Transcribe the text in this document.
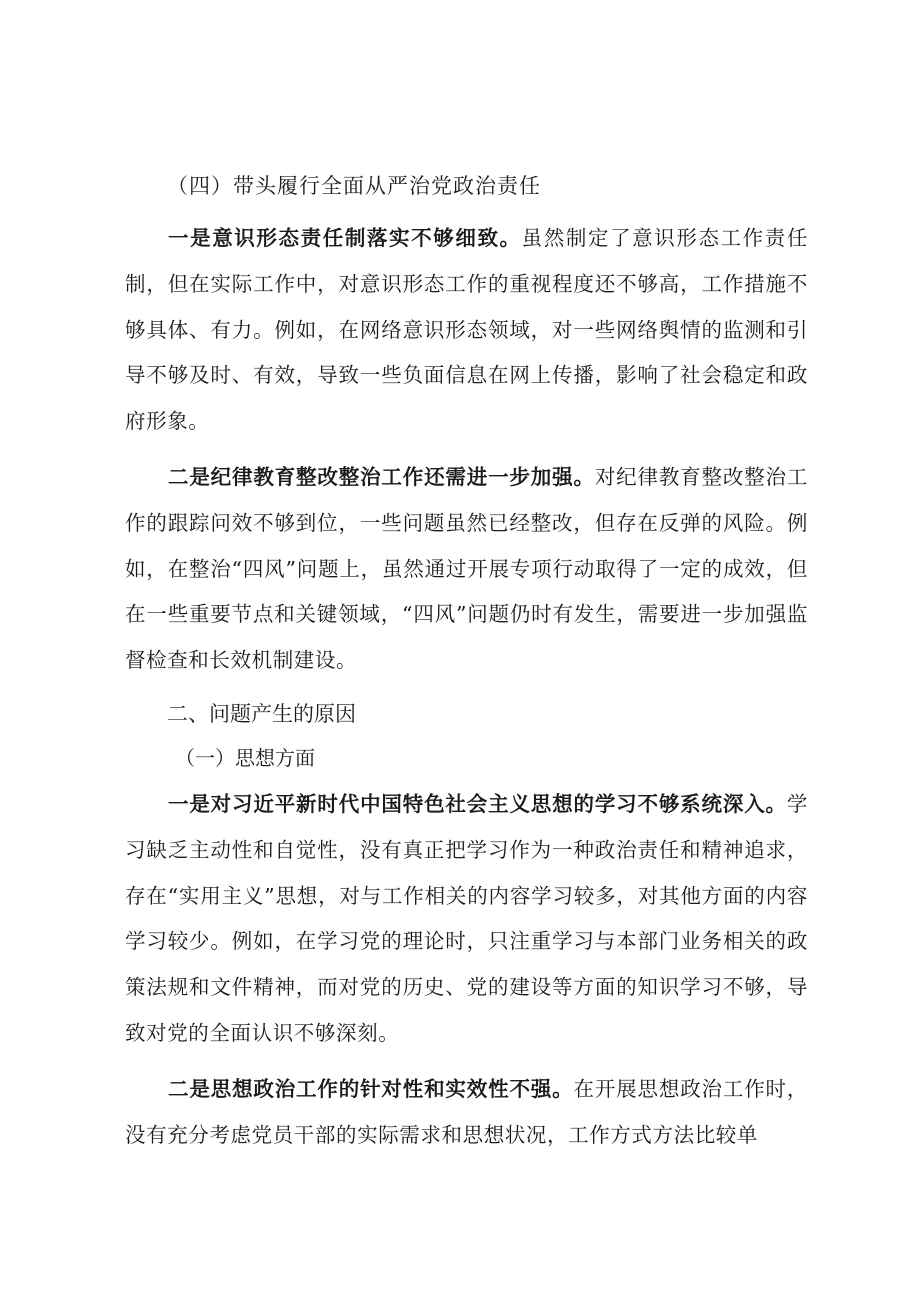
（四）带头履行全面从严治党政治责任

一是意识形态责任制落实不够细致。虽然制定了意识形态工作责任制，但在实际工作中，对意识形态工作的重视程度还不够高，工作措施不够具体、有力。例如，在网络意识形态领域，对一些网络舆情的监测和引导不够及时、有效，导致一些负面信息在网上传播，影响了社会稳定和政府形象。

二是纪律教育整改整治工作还需进一步加强。对纪律教育整改整治工作的跟踪问效不够到位，一些问题虽然已经整改，但存在反弹的风险。例如，在整治“四风”问题上，虽然通过开展专项行动取得了一定的成效，但在一些重要节点和关键领域，“四风”问题仍时有发生，需要进一步加强监督检查和长效机制建设。

二、问题产生的原因
（一）思想方面

一是对习近平新时代中国特色社会主义思想的学习不够系统深入。学习缺乏主动性和自觉性，没有真正把学习作为一种政治责任和精神追求，存在“实用主义”思想，对与工作相关的内容学习较多，对其他方面的内容学习较少。例如，在学习党的理论时，只注重学习与本部门业务相关的政策法规和文件精神，而对党的历史、党的建设等方面的知识学习不够，导致对党的全面认识不够深刻。

二是思想政治工作的针对性和实效性不强。在开展思想政治工作时，没有充分考虑党员干部的实际需求和思想状况，工作方式方法比较单
